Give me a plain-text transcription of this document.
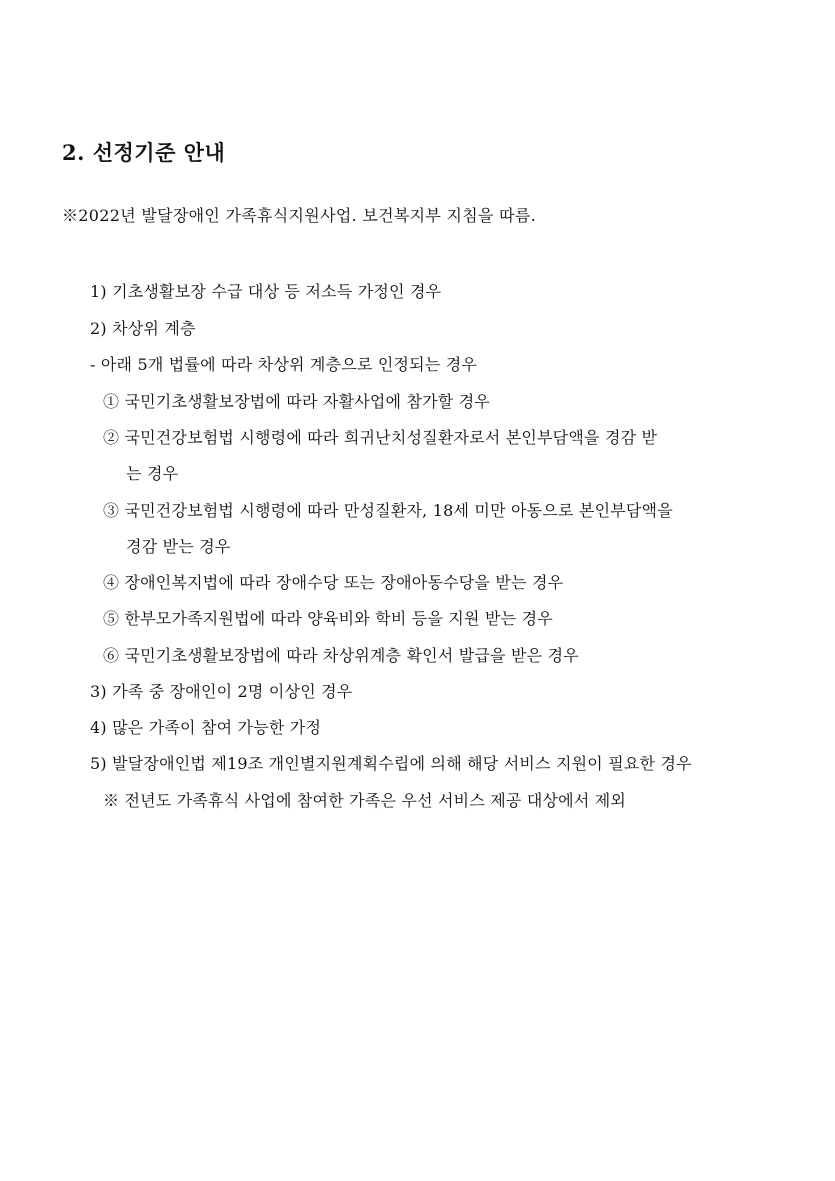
2. 선정기준 안내
※2022년 발달장애인 가족휴식지원사업. 보건복지부 지침을 따름.
1) 기초생활보장 수급 대상 등 저소득 가정인 경우
2) 차상위 계층
- 아래 5개 법률에 따라 차상위 계층으로 인정되는 경우
① 국민기초생활보장법에 따라 자활사업에 참가할 경우
② 국민건강보험법 시행령에 따라 희귀난치성질환자로서 본인부담액을 경감 받
는 경우
③ 국민건강보험법 시행령에 따라 만성질환자, 18세 미만 아동으로 본인부담액을
경감 받는 경우
④ 장애인복지법에 따라 장애수당 또는 장애아동수당을 받는 경우
⑤ 한부모가족지원법에 따라 양육비와 학비 등을 지원 받는 경우
⑥ 국민기초생활보장법에 따라 차상위계층 확인서 발급을 받은 경우
3) 가족 중 장애인이 2명 이상인 경우
4) 많은 가족이 참여 가능한 가정
5) 발달장애인법 제19조 개인별지원계획수립에 의해 해당 서비스 지원이 필요한 경우
※ 전년도 가족휴식 사업에 참여한 가족은 우선 서비스 제공 대상에서 제외
